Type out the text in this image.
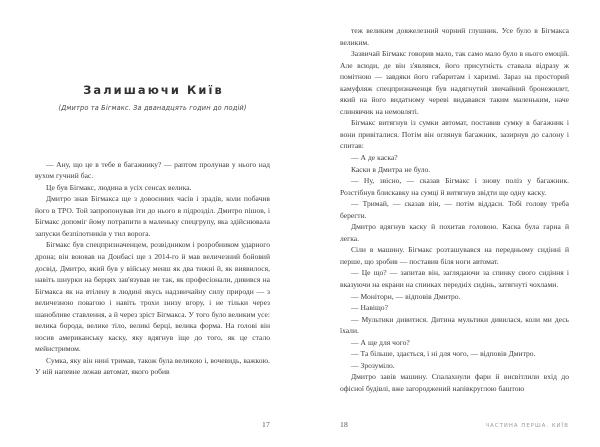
Залишаючи Київ
(Дмитро та Бігмакс. За дванадцять годин до подій)

— Ану, що це в тебе в багажнику? — раптом пролунав у нього над вухом гучний бас.

Це був Бігмакс, людина в усіх сенсах велика.

Дмитро знав Бігмакса ще з довоєнних часів і зрадів, коли побачив його в ТРО. Той запропонував іти до нього в підрозділ. Дмитро пішов, і Бігмакс допоміг йому потрапити в маленьку спецгрупу, яка здійснювала запуски безпілотників у тил ворога.

Бігмакс був спецпризначенцем, розвідником і розробником ударного дрона; він воював на Донбасі ще з 2014-го й мав величезний бойовий досвід. Дмитро, який був у війську менш як два тижні й, як виявилося, навіть шнурки на берцях зав'язував не так, як професіонали, дивився на Бігмакса як на втілену в людині якусь надзвичайну силу природи — з величезною повагою і навіть трохи знизу вгору, і не тільки через шанобливе ставлення, а й через зріст Бігмакса. У того було великим усе: велика борода, велике тіло, великі берці, велика форма. На голові він носив американську каску, яку вдягнув іще до того, як це стало мейнстримом.

Сумка, яку він нині тримав, також була великою і, вочевидь, важкою. У ній напевне лежав автомат, якого робив

17

теж великим довжелезний чорний глушник. Усе було в Бігмакса великим.

Зазвичай Бігмакс говорив мало, так само мало було в нього емоцій. Але всюди, де він з'являвся, його присутність ставала відразу ж помітною — завдяки його габаритам і харизмі. Зараз на просторий камуфляж спецпризначенця був надягнутий звичайний бронежилет, який на його видатному череві видавався таким маленьким, наче слинявчик на немовляті.

Бігмакс витягнув із сумки автомат, поставив сумку в багажник і вони привіталися. Потім він оглянув багажник, зазирнув до салону і спитав:

— А де каска?

Каски в Дмитра не було.

— Ну, звісно, — сказав Бігмакс і знову поліз у багажник. Розстібнув блискавку на сумці й витягнув звідти ще одну каску.

— Тримай, — сказав він, — потім віддаси. Тобі голову треба берегти.

Дмитро вдягнув каску й похитав головою. Каска була гарна й легка.

Сіли в машину. Бігмакс розташувався на передньому сидінні й перше, що зробив — поставив біля ноги автомат.

— Це що? — запитав він, заглядаючи за спинку свого сидіння і вказуючи на екрани на спинках передніх сидінь, затягнуті чохлами.

— Монітори, — відповів Дмитро.

— Навіщо?

— Мультики дивитися. Дитина мультики дивилася, коли ми десь їхали.

— А ще для чого?

— Та більше, здається, і ні для чого, — відповів Дмитро.

— Зрозуміло.

Дмитро завів машину. Спалахнули фари й висвітлили вхід до офісної будівлі, вже загороджений напівкруглою баштою

18	ЧАСТИНА ПЕРША. КИЇВ
